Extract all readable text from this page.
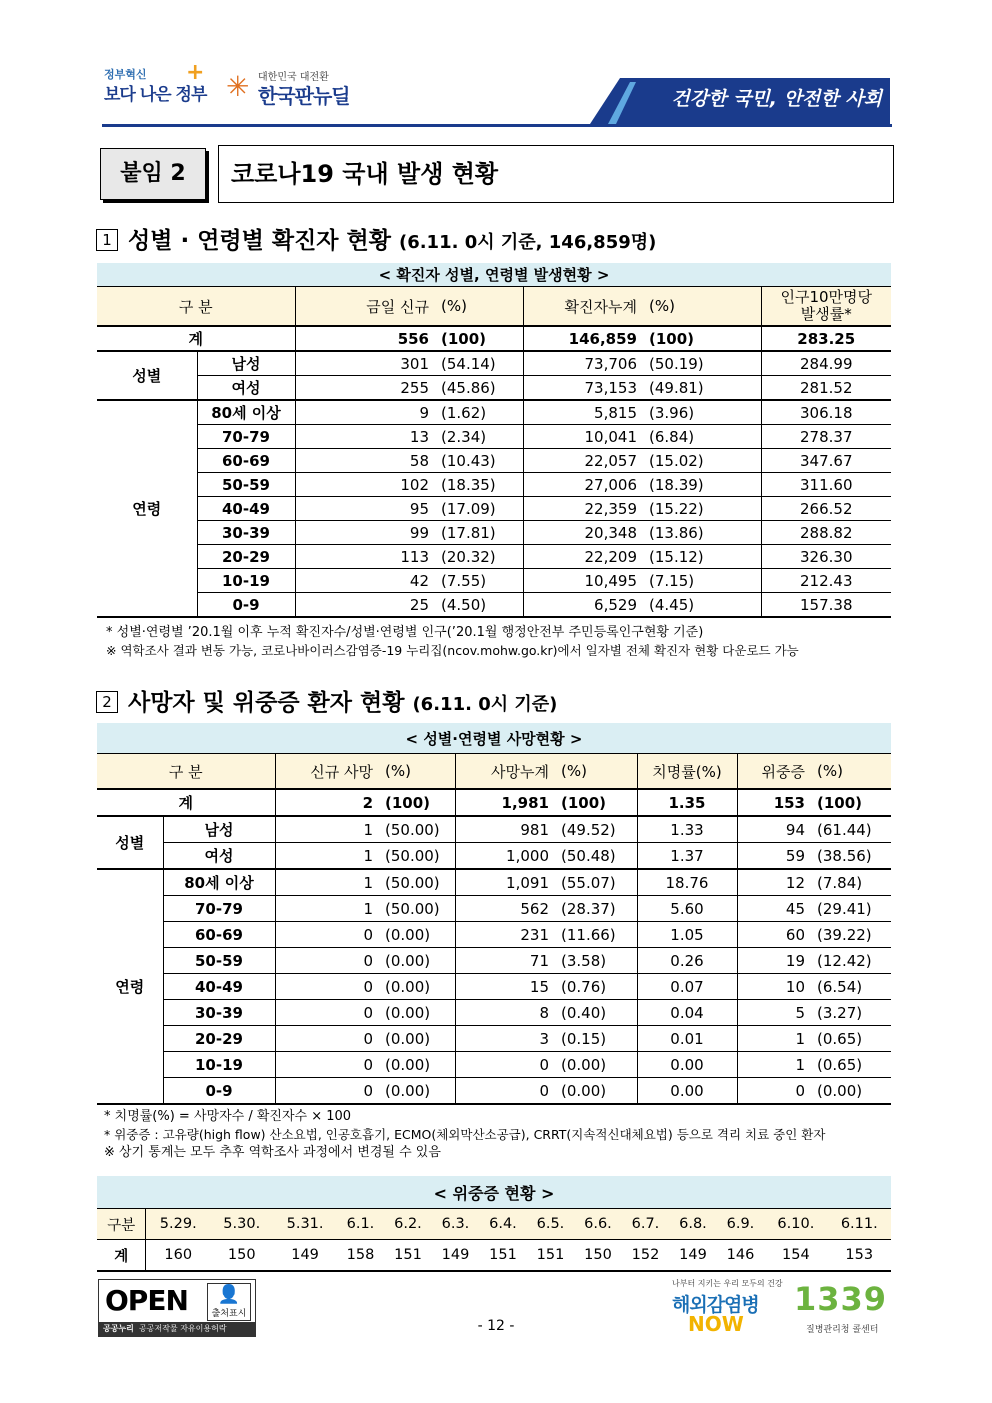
정부혁신
보다 나은 정부
+ ✳ 대한민국 대전환
한국판뉴딜	건강한 국민, 안전한 사회
붙임 2	코로나19 국내 발생 현황
1 성별 · 연령별 확진자 현황 (6.11. 0시 기준, 146,859명)
< 확진자 성별, 연령별 발생현황 >						
구 분		금일 신규	(%)	확진자누계	(%)	인구10만명당
발생률*
계		556	(100)	146,859	(100)	283.25
성별	남성	301	(54.14)	73,706	(50.19)	284.99
	여성	255	(45.86)	73,153	(49.81)	281.52
연령	80세 이상	9	(1.62)	5,815	(3.96)	306.18
	70-79	13	(2.34)	10,041	(6.84)	278.37
	60-69	58	(10.43)	22,057	(15.02)	347.67
	50-59	102	(18.35)	27,006	(18.39)	311.60
	40-49	95	(17.09)	22,359	(15.22)	266.52
	30-39	99	(17.81)	20,348	(13.86)	288.82
	20-29	113	(20.32)	22,209	(15.12)	326.30
	10-19	42	(7.55)	10,495	(7.15)	212.43
	0-9	25	(4.50)	6,529	(4.45)	157.38
* 성별·연령별 ’20.1월 이후 누적 확진자수/성별·연령별 인구(’20.1월 행정안전부 주민등록인구현황 기준)
※ 역학조사 결과 변동 가능, 코로나바이러스감염증-19 누리집(ncov.mohw.go.kr)에서 일자별 전체 확진자 현황 다운로드 가능
2 사망자 및 위중증 환자 현황 (6.11. 0시 기준)
< 성별·연령별 사망현황 >								
구 분		신규 사망	(%)	사망누계	(%)	치명률(%)	위중증	(%)
계		2	(100)	1,981	(100)	1.35	153	(100)
성별	남성	1	(50.00)	981	(49.52)	1.33	94	(61.44)
	여성	1	(50.00)	1,000	(50.48)	1.37	59	(38.56)
연령	80세 이상	1	(50.00)	1,091	(55.07)	18.76	12	(7.84)
	70-79	1	(50.00)	562	(28.37)	5.60	45	(29.41)
	60-69	0	(0.00)	231	(11.66)	1.05	60	(39.22)
	50-59	0	(0.00)	71	(3.58)	0.26	19	(12.42)
	40-49	0	(0.00)	15	(0.76)	0.07	10	(6.54)
	30-39	0	(0.00)	8	(0.40)	0.04	5	(3.27)
	20-29	0	(0.00)	3	(0.15)	0.01	1	(0.65)
	10-19	0	(0.00)	0	(0.00)	0.00	1	(0.65)
	0-9	0	(0.00)	0	(0.00)	0.00	0	(0.00)
* 치명률(%) = 사망자수 / 확진자수 × 100
* 위중증 : 고유량(high flow) 산소요법, 인공호흡기, ECMO(체외막산소공급), CRRT(지속적신대체요법) 등으로 격리 치료 중인 환자
※ 상기 통계는 모두 추후 역학조사 과정에서 변경될 수 있음
< 위중증 현황 >														
구분	5.29.	5.30.	5.31.	6.1.	6.2.	6.3.	6.4.	6.5.	6.6.	6.7.	6.8.	6.9.	6.10.	6.11.
계	160	150	149	158	151	149	151	151	150	152	149	146	154	153
OPEN	👤
출처표시
공공누리 공공저작물 자유이용허락	- 12 -
나부터 지키는 우리 모두의 건강
해외감염병
NOW
1339
질병관리청 콜센터
